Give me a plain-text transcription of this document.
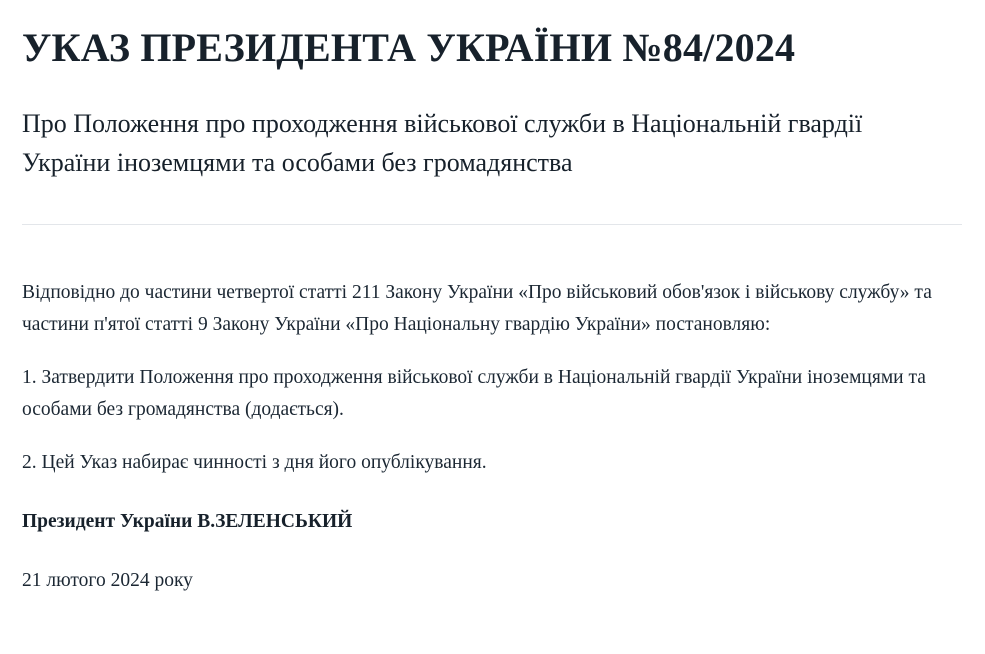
УКАЗ ПРЕЗИДЕНТА УКРАЇНИ №84/2024
Про Положення про проходження військової служби в Національній гвардії України іноземцями та особами без громадянства

Відповідно до частини четвертої статті 211 Закону України «Про військовий обов'язок і військову службу» та частини п'ятої статті 9 Закону України «Про Національну гвардію України» постановляю:

1. Затвердити Положення про проходження військової служби в Національній гвардії України іноземцями та особами без громадянства (додається).

2. Цей Указ набирає чинності з дня його опублікування.

Президент України В.ЗЕЛЕНСЬКИЙ

21 лютого 2024 року
